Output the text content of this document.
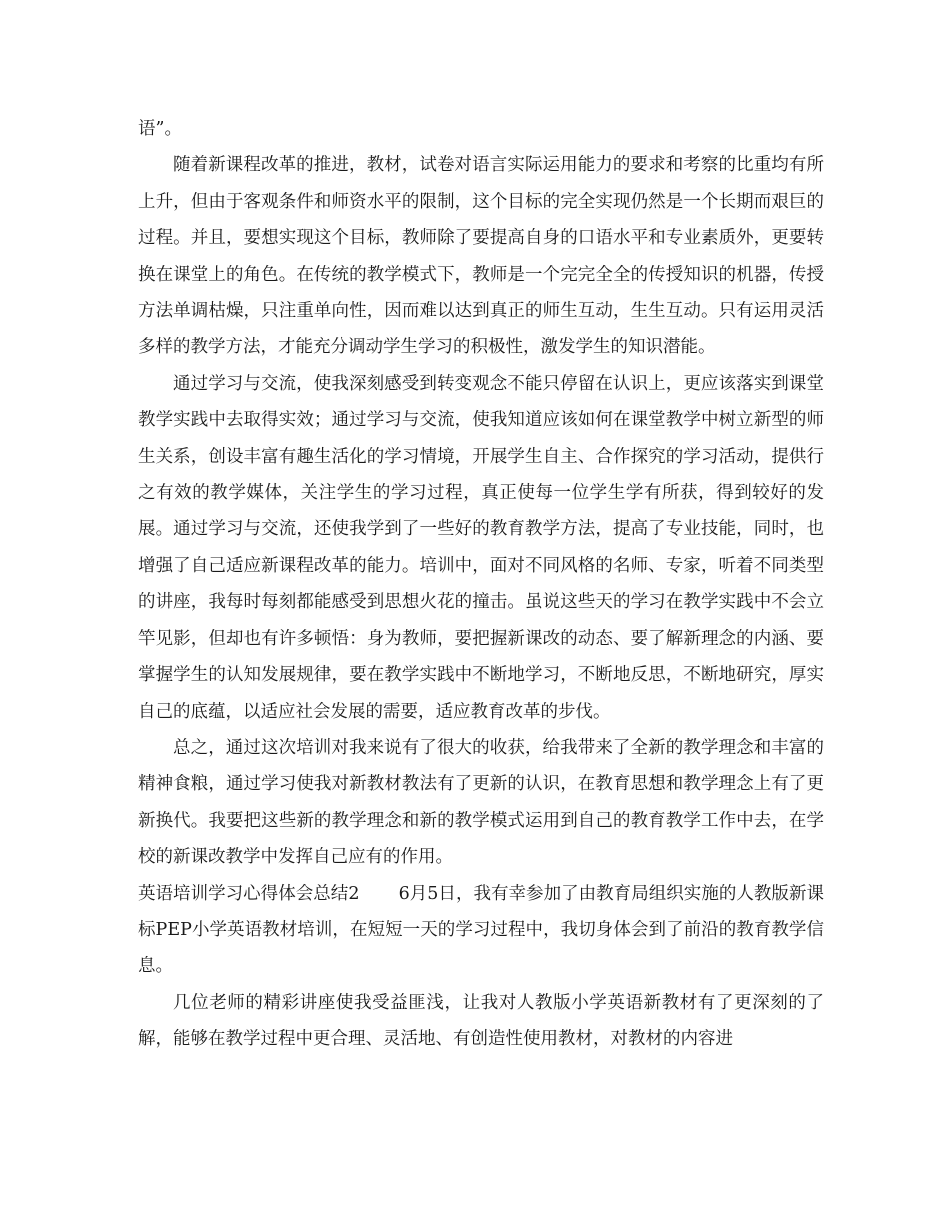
语”。

随着新课程改革的推进，教材，试卷对语言实际运用能力的要求和考察的比重均有所上升，但由于客观条件和师资水平的限制，这个目标的完全实现仍然是一个长期而艰巨的过程。并且，要想实现这个目标，教师除了要提高自身的口语水平和专业素质外，更要转换在课堂上的角色。在传统的教学模式下，教师是一个完完全全的传授知识的机器，传授方法单调枯燥，只注重单向性，因而难以达到真正的师生互动，生生互动。只有运用灵活多样的教学方法，才能充分调动学生学习的积极性，激发学生的知识潜能。

通过学习与交流，使我深刻感受到转变观念不能只停留在认识上，更应该落实到课堂教学实践中去取得实效；通过学习与交流，使我知道应该如何在课堂教学中树立新型的师生关系，创设丰富有趣生活化的学习情境，开展学生自主、合作探究的学习活动，提供行之有效的教学媒体，关注学生的学习过程，真正使每一位学生学有所获，得到较好的发展。通过学习与交流，还使我学到了一些好的教育教学方法，提高了专业技能，同时，也增强了自己适应新课程改革的能力。培训中，面对不同风格的名师、专家，听着不同类型的讲座，我每时每刻都能感受到思想火花的撞击。虽说这些天的学习在教学实践中不会立竿见影，但却也有许多顿悟：身为教师，要把握新课改的动态、要了解新理念的内涵、要掌握学生的认知发展规律，要在教学实践中不断地学习，不断地反思，不断地研究，厚实自己的底蕴，以适应社会发展的需要，适应教育改革的步伐。

总之，通过这次培训对我来说有了很大的收获，给我带来了全新的教学理念和丰富的精神食粮，通过学习使我对新教材教法有了更新的认识，在教育思想和教学理念上有了更新换代。我要把这些新的教学理念和新的教学模式运用到自己的教育教学工作中去，在学校的新课改教学中发挥自己应有的作用。

英语培训学习心得体会总结2 6月5日，我有幸参加了由教育局组织实施的人教版新课标PEP小学英语教材培训，在短短一天的学习过程中，我切身体会到了前沿的教育教学信息。

几位老师的精彩讲座使我受益匪浅，让我对人教版小学英语新教材有了更深刻的了解，能够在教学过程中更合理、灵活地、有创造性使用教材，对教材的内容进
